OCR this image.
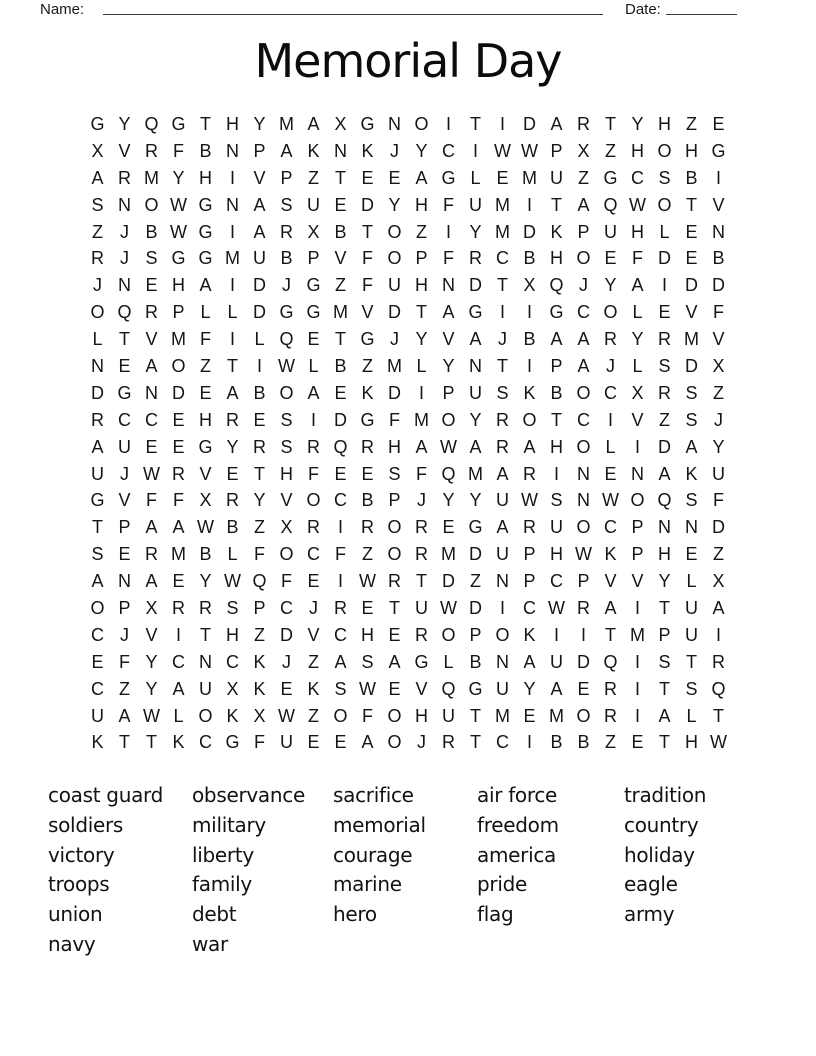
Name:	Date:
Memorial Day
G Y Q G T H Y M A X G N O I	T	I	D A R T Y H Z E
X V R F B N P A K N K J Y C I W W P X Z H O H G
A R M Y H I	V P Z T E E A G L E M U Z G C S B	I
S N O W G N A S U E D Y H F U M I	T A Q W O T V
Z J B W G I	A R X B T O Z	I	Y M D K P U H L E N
R J S G G M U B P V F O P F R C B H O E F D E B
J N E H A	I	D J G Z F U H N D T X Q J Y A	I	D D
O Q R P L L D G G M V D T A G I	I G C O L E V F
L T V M F	I	L Q E T G J Y V A J B A A R Y R M V
N E A O Z T	I W L B Z M L Y N T	I	P A J L S D X
D G N D E A B O A E K D I	P U S K B O C X R S Z
R C C E H R E S	I	D G F M O Y R O T C I	V Z S J
A U E E G Y R S R Q R H A W A R A H O L	I	D A Y
U J W R V E T H F E E S F Q M A R I	N E N A K U
G V F F X R Y V O C B P J Y Y U W S N W O Q S F
T P A A W B Z X R I	R O R E G A R U O C P N N D
S E R M B L F O C F Z O R M D U P H W K P H E Z
A N A E Y W Q F E	I W R T D Z N P C P V V Y L X
O P X R R S P C J R E T U W D I	C W R A	I	T U A
C J V	I	T H Z D V C H E R O P O K	I	I	T M P U I
E F Y C N C K J Z A S A G L B N A U D Q I	S T R
C Z Y A U X K E K S W E V Q G U Y A E R I	T S Q
U A W L O K X W Z O F O H U T M E M O R I	A L T
K T T K C G F U E E A O J R T C I	B B Z E T H W
coast guard
soldiers
victory
troops
union
navy
observance
military
liberty
family
debt
war
sacrifice
memorial
courage
marine
hero
air force
freedom
america
pride
flag
tradition
country
holiday
eagle
army
